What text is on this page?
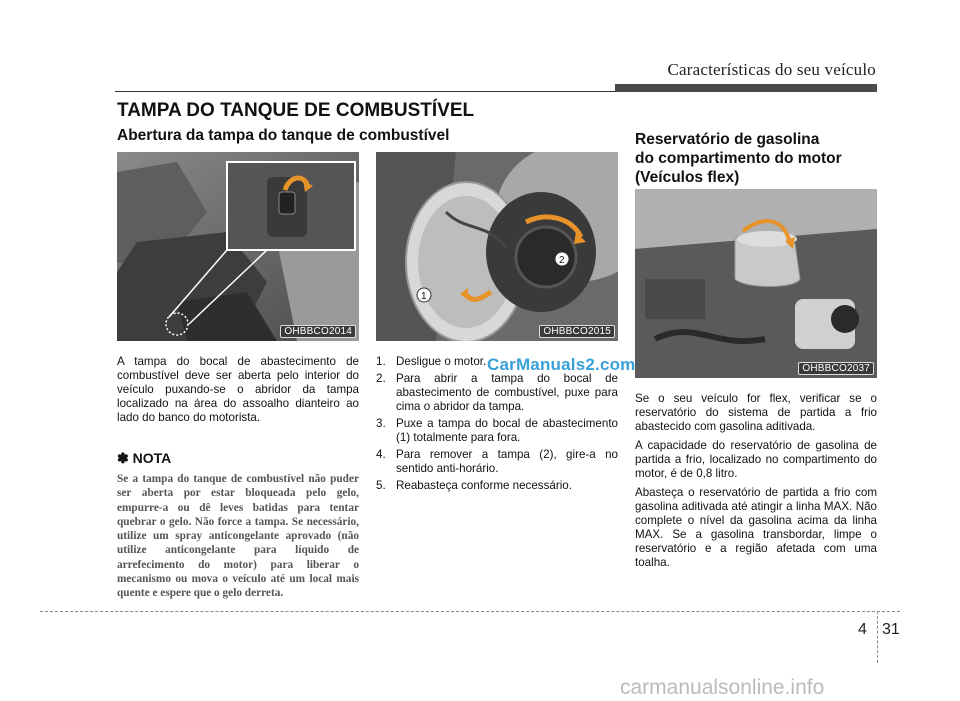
Características do seu veículo
TAMPA DO TANQUE DE COMBUSTÍVEL
Abertura da tampa do tanque de combustível
OHBBCO2014
1
2
OHBBCO2015

A tampa do bocal de abastecimento de combustível deve ser aberta pelo interior do veículo puxando-se o abridor da tampa localizado na área do assoalho dianteiro ao lado do banco do motorista.

✽ NOTA
Se a tampa do tanque de combustível não puder ser aberta por estar bloqueada pelo gelo, empurre-a ou dê leves batidas para tentar quebrar o gelo. Não force a tampa. Se necessário, utilize um spray anticongelante aprovado (não utilize anticongelante para líquido de arrefecimento do motor) para liberar o mecanismo ou mova o veículo até um local mais quente e espere que o gelo derreta.
1. Desligue o motor.
2. Para abrir a tampa do bocal de abastecimento de combustível, puxe para cima o abridor da tampa.
3. Puxe a tampa do bocal de abastecimento (1) totalmente para fora.
4. Para remover a tampa (2), gire-a no sentido anti-horário.
5. Reabasteça conforme necessário.
CarManuals2.com
Reservatório de gasolina
do compartimento do motor
(Veículos flex)
OHBBCO2037

Se o seu veículo for flex, verificar se o reservatório do sistema de partida a frio abastecido com gasolina aditivada.

A capacidade do reservatório de gasolina de partida a frio, localizado no compartimento do motor, é de 0,8 litro.

Abasteça o reservatório de partida a frio com gasolina aditivada até atingir a linha MAX. Não complete o nível da gasolina acima da linha MAX. Se a gasolina transbordar, limpe o reservatório e a região afetada com uma toalha.

4 31
carmanualsonline.info
